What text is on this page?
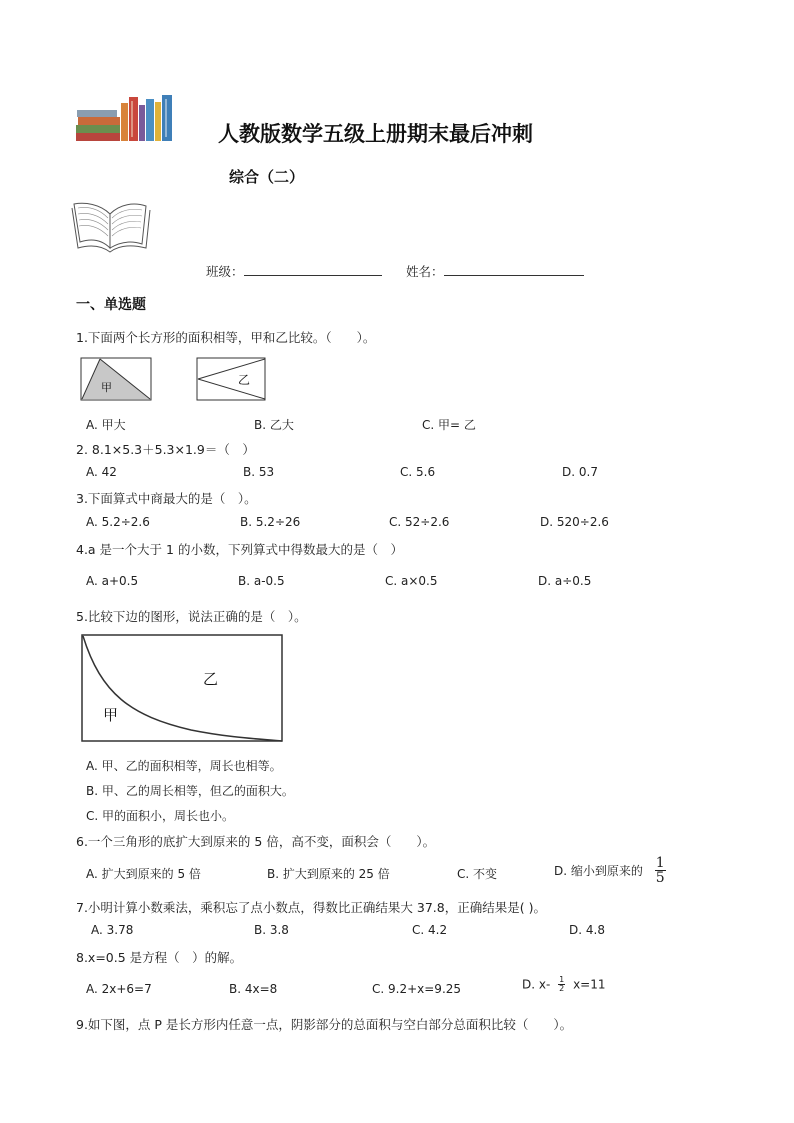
人教版数学五级上册期末最后冲刺
综合（二）
班级：	姓名：
一、单选题
1.下面两个长方形的面积相等，甲和乙比较。（　　）。
甲
乙
A. 甲大	B. 乙大	C. 甲= 乙
2. 8.1×5.3＋5.3×1.9＝（　）
A. 42	B. 53	C. 5.6	D. 0.7
3.下面算式中商最大的是（　）。
A. 5.2÷2.6	B. 5.2÷26	C. 52÷2.6	D. 520÷2.6
4.a 是一个大于 1 的小数，下列算式中得数最大的是（　）
A. a+0.5	B. a-0.5	C. a×0.5	D. a÷0.5
5.比较下边的图形，说法正确的是（　）。
乙
甲
A. 甲、乙的面积相等，周长也相等。
B. 甲、乙的周长相等，但乙的面积大。
C. 甲的面积小，周长也小。
6.一个三角形的底扩大到原来的 5 倍，高不变，面积会（　　）。
A. 扩大到原来的 5 倍	B. 扩大到原来的 25 倍	C. 不变	D. 缩小到原来的 $\frac{1}{5}$
7.小明计算小数乘法，乘积忘了点小数点，得数比正确结果大 37.8，正确结果是( )。
A. 3.78	B. 3.8	C. 4.2	D. 4.8
8.x=0.5 是方程（　）的解。
A. 2x+6=7	B. 4x=8	C. 9.2+x=9.25	D. $x- \frac{1}{2} x=11$
9.如下图，点 P 是长方形内任意一点，阴影部分的总面积与空白部分总面积比较（　　）。
